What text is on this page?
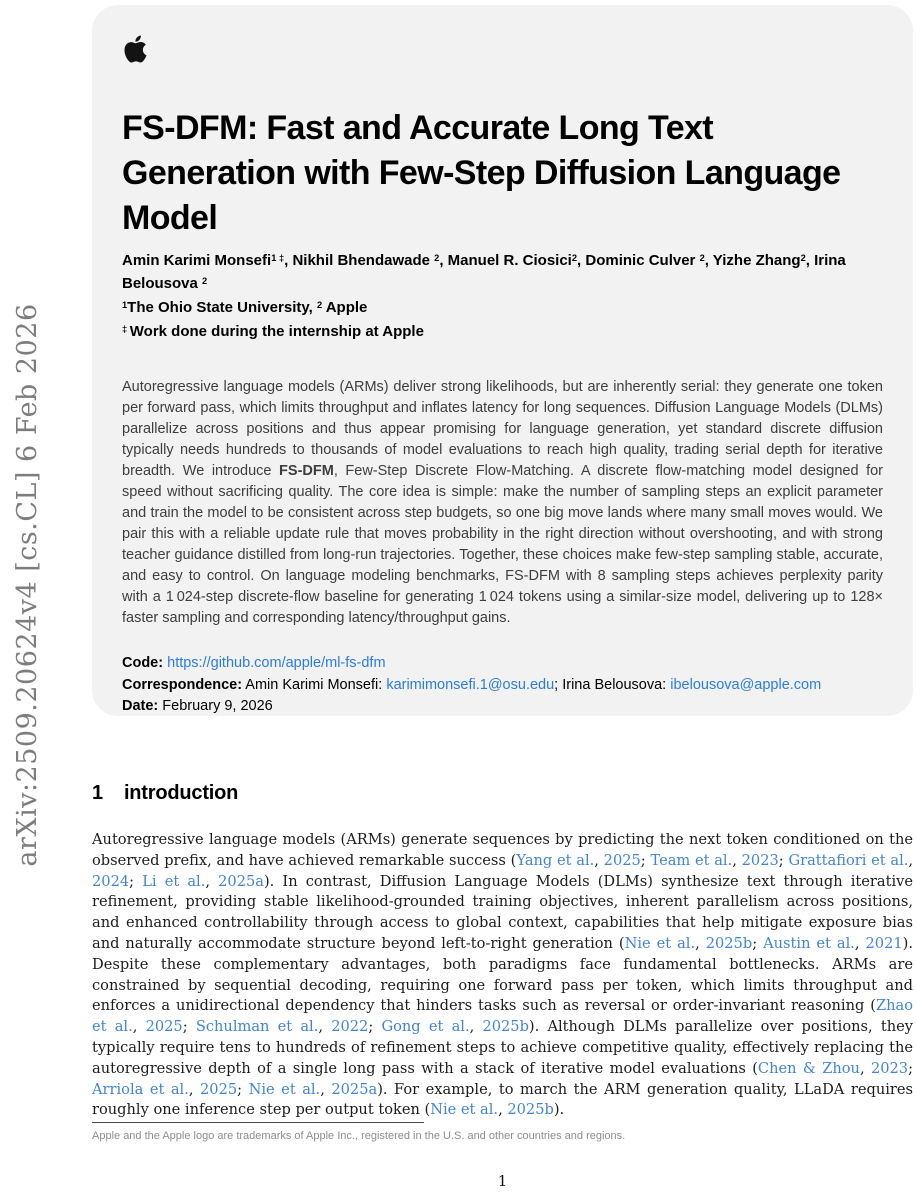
arXiv:2509.20624v4 [cs.CL] 6 Feb 2026
FS-DFM: Fast and Accurate Long Text Generation with Few-Step Diffusion Language Model
Amin Karimi Monsefi$^{1 \ddagger}$, Nikhil Bhendawade $^2$, Manuel R. Ciosici$^2$, Dominic Culver $^2$, Yizhe Zhang$^2$, Irina Belousova $^2$
$^1$The Ohio State University, $^2$ Apple
‡ Work done during the internship at Apple
Autoregressive language models (ARMs) deliver strong likelihoods, but are inherently serial: they generate one token per forward pass, which limits throughput and inflates latency for long sequences. Diffusion Language Models (DLMs) parallelize across positions and thus appear promising for language generation, yet standard discrete diffusion typically needs hundreds to thousands of model evaluations to reach high quality, trading serial depth for iterative breadth. We introduce FS-DFM, Few-Step Discrete Flow-Matching. A discrete flow-matching model designed for speed without sacrificing quality. The core idea is simple: make the number of sampling steps an explicit parameter and train the model to be consistent across step budgets, so one big move lands where many small moves would. We pair this with a reliable update rule that moves probability in the right direction without overshooting, and with strong teacher guidance distilled from long-run trajectories. Together, these choices make few-step sampling stable, accurate, and easy to control. On language modeling benchmarks, FS-DFM with 8 sampling steps achieves perplexity parity with a 1 024-step discrete-flow baseline for generating 1 024 tokens using a similar-size model, delivering up to 128× faster sampling and corresponding latency/throughput gains.
Code: https://github.com/apple/ml-fs-dfm
Correspondence: Amin Karimi Monsefi: karimimonsefi.1@osu.edu; Irina Belousova: ibelousova@apple.com
Date: February 9, 2026
1 introduction

Autoregressive language models (ARMs) generate sequences by predicting the next token conditioned on the observed prefix, and have achieved remarkable success (Yang et al., 2025; Team et al., 2023; Grattafiori et al., 2024; Li et al., 2025a). In contrast, Diffusion Language Models (DLMs) synthesize text through iterative refinement, providing stable likelihood-grounded training objectives, inherent parallelism across positions, and enhanced controllability through access to global context, capabilities that help mitigate exposure bias and naturally accommodate structure beyond left-to-right generation (Nie et al., 2025b; Austin et al., 2021). Despite these complementary advantages, both paradigms face fundamental bottlenecks. ARMs are constrained by sequential decoding, requiring one forward pass per token, which limits throughput and enforces a unidirectional dependency that hinders tasks such as reversal or order-invariant reasoning (Zhao et al., 2025; Schulman et al., 2022; Gong et al., 2025b). Although DLMs parallelize over positions, they typically require tens to hundreds of refinement steps to achieve competitive quality, effectively replacing the autoregressive depth of a single long pass with a stack of iterative model evaluations (Chen & Zhou, 2023; Arriola et al., 2025; Nie et al., 2025a). For example, to march the ARM generation quality, LLaDA requires roughly one inference step per output token (Nie et al., 2025b).

Apple and the Apple logo are trademarks of Apple Inc., registered in the U.S. and other countries and regions.
1
